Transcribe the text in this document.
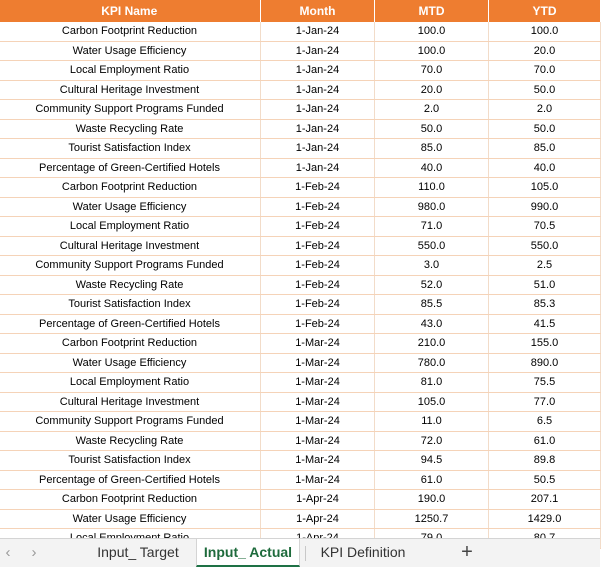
KPI Name	Month	MTD	YTD
Carbon Footprint Reduction	1-Jan-24	100.0	100.0
Water Usage Efficiency	1-Jan-24	100.0	20.0
Local Employment Ratio	1-Jan-24	70.0	70.0
Cultural Heritage Investment	1-Jan-24	20.0	50.0
Community Support Programs Funded	1-Jan-24	2.0	2.0
Waste Recycling Rate	1-Jan-24	50.0	50.0
Tourist Satisfaction Index	1-Jan-24	85.0	85.0
Percentage of Green-Certified Hotels	1-Jan-24	40.0	40.0
Carbon Footprint Reduction	1-Feb-24	110.0	105.0
Water Usage Efficiency	1-Feb-24	980.0	990.0
Local Employment Ratio	1-Feb-24	71.0	70.5
Cultural Heritage Investment	1-Feb-24	550.0	550.0
Community Support Programs Funded	1-Feb-24	3.0	2.5
Waste Recycling Rate	1-Feb-24	52.0	51.0
Tourist Satisfaction Index	1-Feb-24	85.5	85.3
Percentage of Green-Certified Hotels	1-Feb-24	43.0	41.5
Carbon Footprint Reduction	1-Mar-24	210.0	155.0
Water Usage Efficiency	1-Mar-24	780.0	890.0
Local Employment Ratio	1-Mar-24	81.0	75.5
Cultural Heritage Investment	1-Mar-24	105.0	77.0
Community Support Programs Funded	1-Mar-24	11.0	6.5
Waste Recycling Rate	1-Mar-24	72.0	61.0
Tourist Satisfaction Index	1-Mar-24	94.5	89.8
Percentage of Green-Certified Hotels	1-Mar-24	61.0	50.5
Carbon Footprint Reduction	1-Apr-24	190.0	207.1
Water Usage Efficiency	1-Apr-24	1250.7	1429.0

‹	›	Input_ Target	Input_ Actual	KPI Definition	+
